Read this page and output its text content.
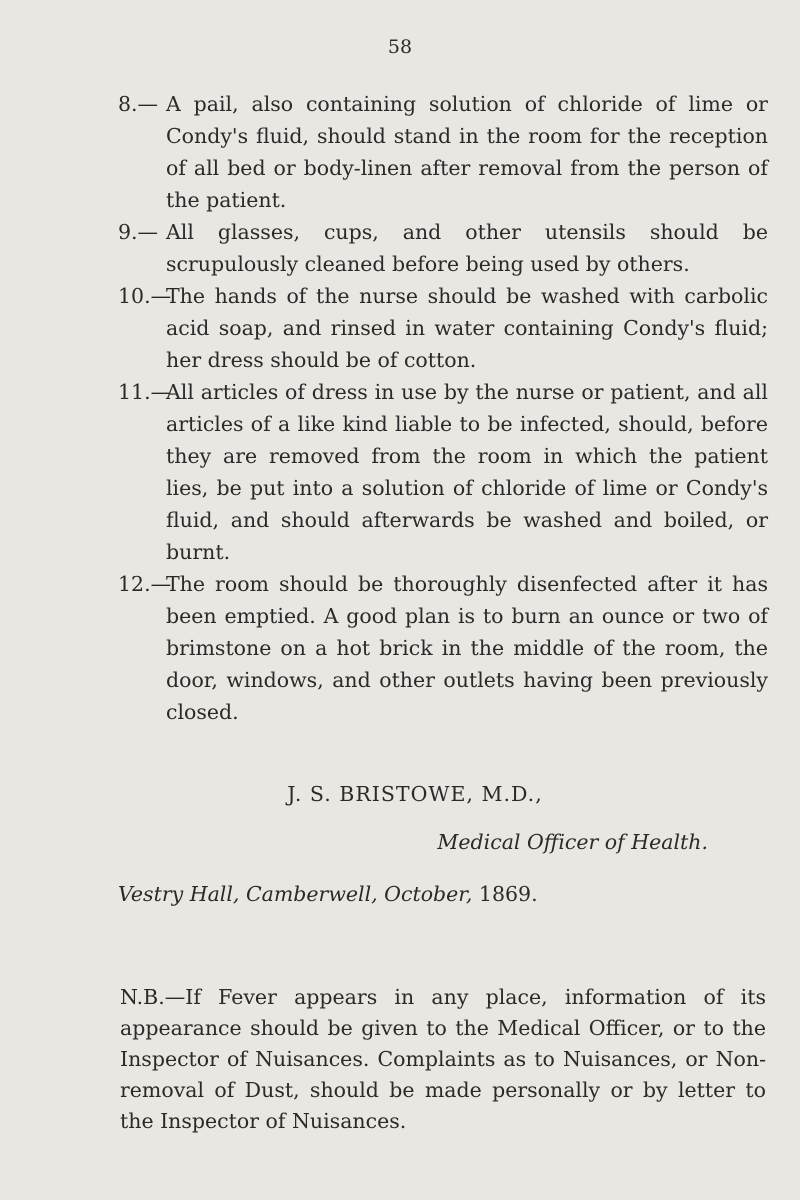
58
8.— A pail, also containing solution of chloride of lime or Condy's fluid, should stand in the room for the reception of all bed or body-linen after removal from the person of the patient.
9.— All glasses, cups, and other utensils should be scrupulously cleaned before being used by others.
10.—
The hands of the nurse should be washed with carbolic acid soap, and rinsed in water containing Condy's fluid; her dress should be of cotton.
11.—
All articles of dress in use by the nurse or patient, and all articles of a like kind liable to be infected, should, before they are removed from the room in which the patient lies, be put into a solution of chloride of lime or Condy's fluid, and should afterwards be washed and boiled, or burnt.
12.—
The room should be thoroughly disenfected after it has been emptied. A good plan is to burn an ounce or two of brimstone on a hot brick in the middle of the room, the door, windows, and other outlets having been previously closed.
J. S. BRISTOWE, M.D.,
Medical Officer of Health.
Vestry Hall, Camberwell, October, 1869.
N.B.—If Fever appears in any place, information of its appearance should be given to the Medical Officer, or to the Inspector of Nuisances. Complaints as to Nuisances, or Non-removal of Dust, should be made personally or by letter to the Inspector of Nuisances.
